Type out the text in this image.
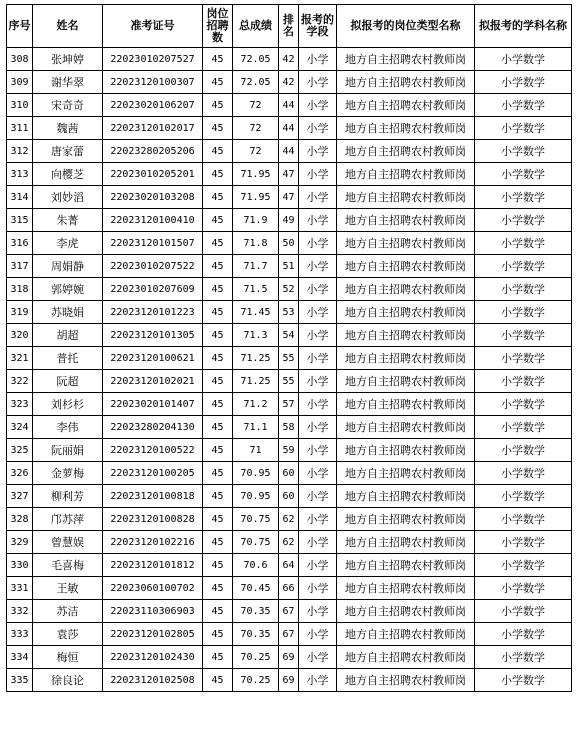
序号	姓名	准考证号	岗位招聘数	总成绩	排名	报考的学段	拟报考的岗位类型名称	拟报考的学科名称
308	张坤婷	22023010207527	45	72.05	42	小学	地方自主招聘农村教师岗	小学数学
309	谢华翠	22023120100307	45	72.05	42	小学	地方自主招聘农村教师岗	小学数学
310	宋奇奇	22023020106207	45	72	44	小学	地方自主招聘农村教师岗	小学数学
311	魏茜	22023120102017	45	72	44	小学	地方自主招聘农村教师岗	小学数学
312	唐家蕾	22023280205206	45	72	44	小学	地方自主招聘农村教师岗	小学数学
313	向樱芝	22023010205201	45	71.95	47	小学	地方自主招聘农村教师岗	小学数学
314	刘妙滔	22023020103208	45	71.95	47	小学	地方自主招聘农村教师岗	小学数学
315	朱菁	22023120100410	45	71.9	49	小学	地方自主招聘农村教师岗	小学数学
316	李虎	22023120101507	45	71.8	50	小学	地方自主招聘农村教师岗	小学数学
317	周娟静	22023010207522	45	71.7	51	小学	地方自主招聘农村教师岗	小学数学
318	郭婷婉	22023010207609	45	71.5	52	小学	地方自主招聘农村教师岗	小学数学
319	苏晓娟	22023120101223	45	71.45	53	小学	地方自主招聘农村教师岗	小学数学
320	胡超	22023120101305	45	71.3	54	小学	地方自主招聘农村教师岗	小学数学
321	普托	22023120100621	45	71.25	55	小学	地方自主招聘农村教师岗	小学数学
322	阮超	22023120102021	45	71.25	55	小学	地方自主招聘农村教师岗	小学数学
323	刘杉杉	22023020101407	45	71.2	57	小学	地方自主招聘农村教师岗	小学数学
324	李伟	22023280204130	45	71.1	58	小学	地方自主招聘农村教师岗	小学数学
325	阮丽娟	22023120100522	45	71	59	小学	地方自主招聘农村教师岗	小学数学
326	金萝梅	22023120100205	45	70.95	60	小学	地方自主招聘农村教师岗	小学数学
327	柳利芳	22023120100818	45	70.95	60	小学	地方自主招聘农村教师岗	小学数学
328	邝苏萍	22023120100828	45	70.75	62	小学	地方自主招聘农村教师岗	小学数学
329	曾慧娱	22023120102216	45	70.75	62	小学	地方自主招聘农村教师岗	小学数学
330	毛喜梅	22023120101812	45	70.6	64	小学	地方自主招聘农村教师岗	小学数学
331	王敏	22023060100702	45	70.45	66	小学	地方自主招聘农村教师岗	小学数学
332	苏洁	22023110306903	45	70.35	67	小学	地方自主招聘农村教师岗	小学数学
333	袁莎	22023120102805	45	70.35	67	小学	地方自主招聘农村教师岗	小学数学
334	梅恒	22023120102430	45	70.25	69	小学	地方自主招聘农村教师岗	小学数学
335	徐良论	22023120102508	45	70.25	69	小学	地方自主招聘农村教师岗	小学数学
